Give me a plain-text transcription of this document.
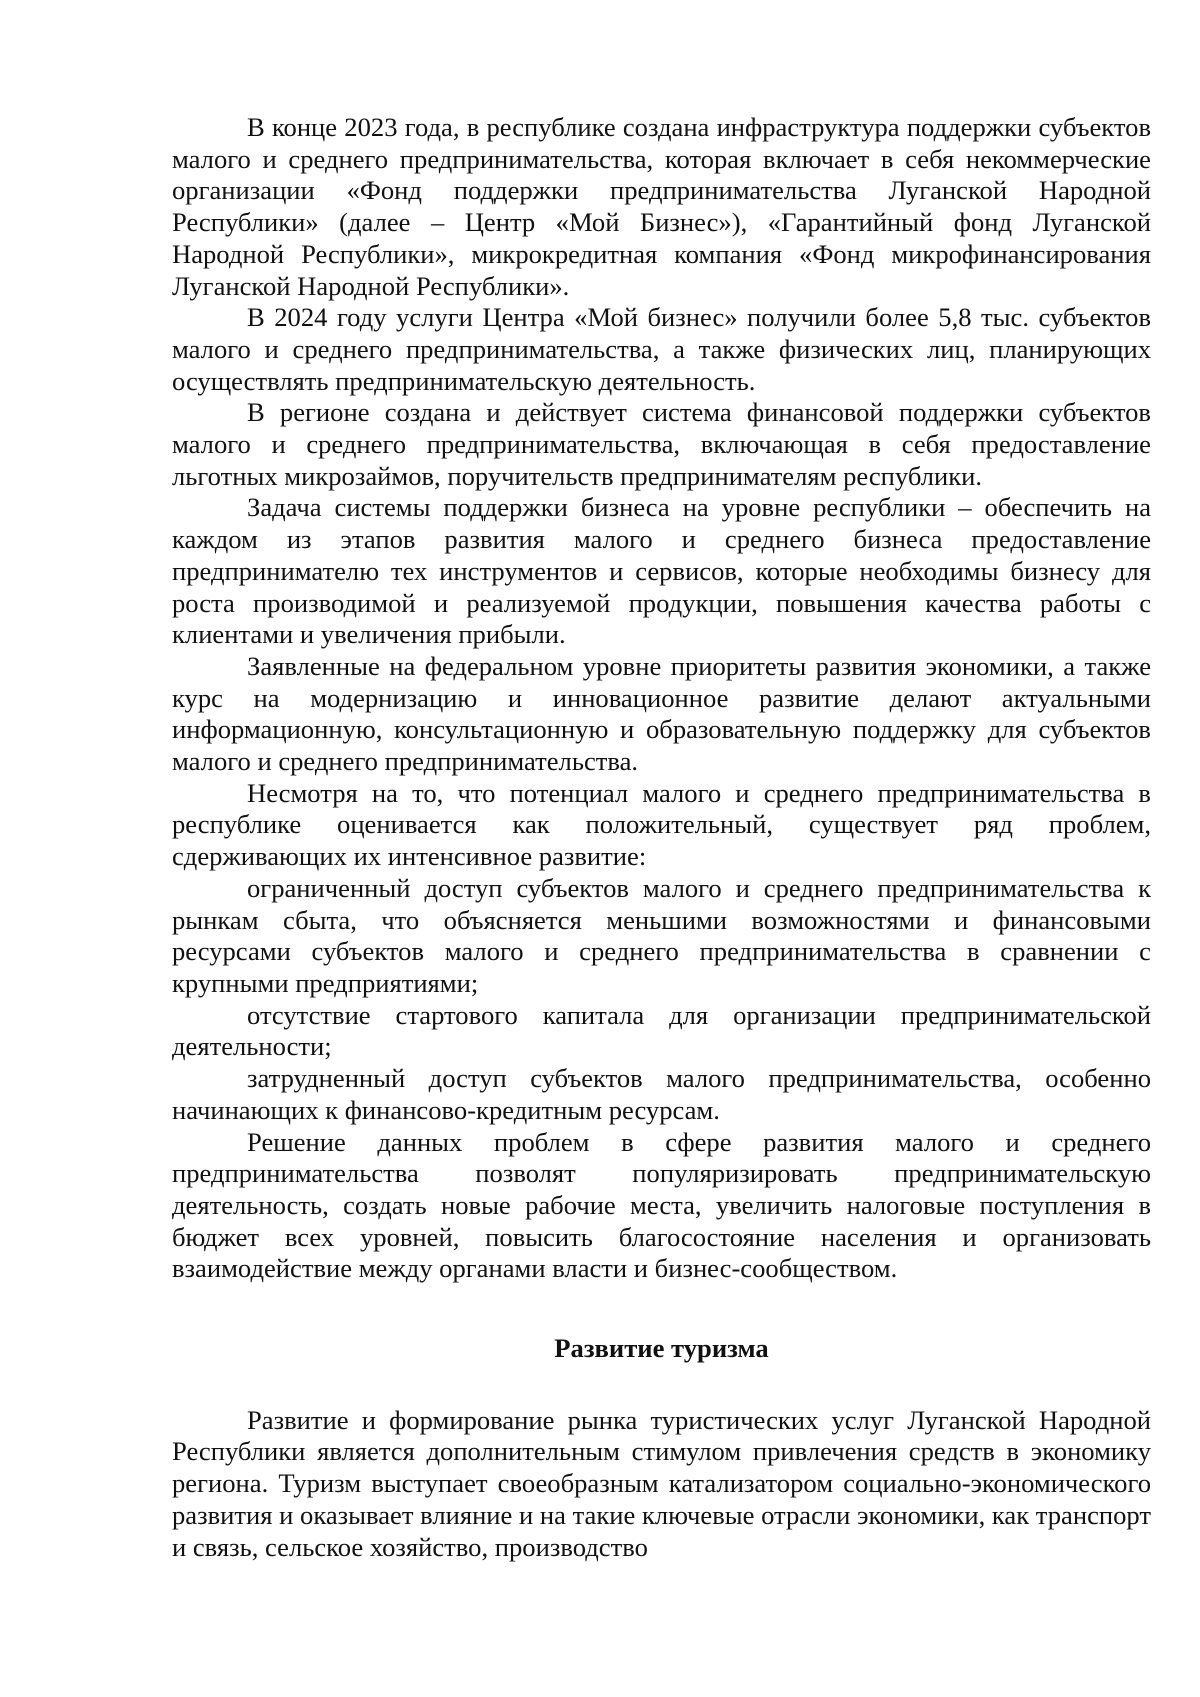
В конце 2023 года, в республике создана инфраструктура поддержки субъектов малого и среднего предпринимательства, которая включает в себя некоммерческие организации «Фонд поддержки предпринимательства Луганской Народной Республики» (далее – Центр «Мой Бизнес»), «Гарантийный фонд Луганской Народной Республики», микрокредитная компания «Фонд микрофинансирования Луганской Народной Республики».

В 2024 году услуги Центра «Мой бизнес» получили более 5,8 тыс. субъектов малого и среднего предпринимательства, а также физических лиц, планирующих осуществлять предпринимательскую деятельность.

В регионе создана и действует система финансовой поддержки субъектов малого и среднего предпринимательства, включающая в себя предоставление льготных микрозаймов, поручительств предпринимателям республики.

Задача системы поддержки бизнеса на уровне республики – обеспечить на каждом из этапов развития малого и среднего бизнеса предоставление предпринимателю тех инструментов и сервисов, которые необходимы бизнесу для роста производимой и реализуемой продукции, повышения качества работы с клиентами и увеличения прибыли.

Заявленные на федеральном уровне приоритеты развития экономики, а также курс на модернизацию и инновационное развитие делают актуальными информационную, консультационную и образовательную поддержку для субъектов малого и среднего предпринимательства.

Несмотря на то, что потенциал малого и среднего предпринимательства в республике оценивается как положительный, существует ряд проблем, сдерживающих их интенсивное развитие:

ограниченный доступ субъектов малого и среднего предпринимательства к рынкам сбыта, что объясняется меньшими возможностями и финансовыми ресурсами субъектов малого и среднего предпринимательства в сравнении с крупными предприятиями;

отсутствие стартового капитала для организации предпринимательской деятельности;

затрудненный доступ субъектов малого предпринимательства, особенно начинающих к финансово-кредитным ресурсам.

Решение данных проблем в сфере развития малого и среднего предпринимательства позволят популяризировать предпринимательскую деятельность, создать новые рабочие места, увеличить налоговые поступления в бюджет всех уровней, повысить благосостояние населения и организовать взаимодействие между органами власти и бизнес-сообществом.

Развитие туризма

Развитие и формирование рынка туристических услуг Луганской Народной Республики является дополнительным стимулом привлечения средств в экономику региона. Туризм выступает своеобразным катализатором социально-экономического развития и оказывает влияние и на такие ключевые отрасли экономики, как транспорт и связь, сельское хозяйство, производство
